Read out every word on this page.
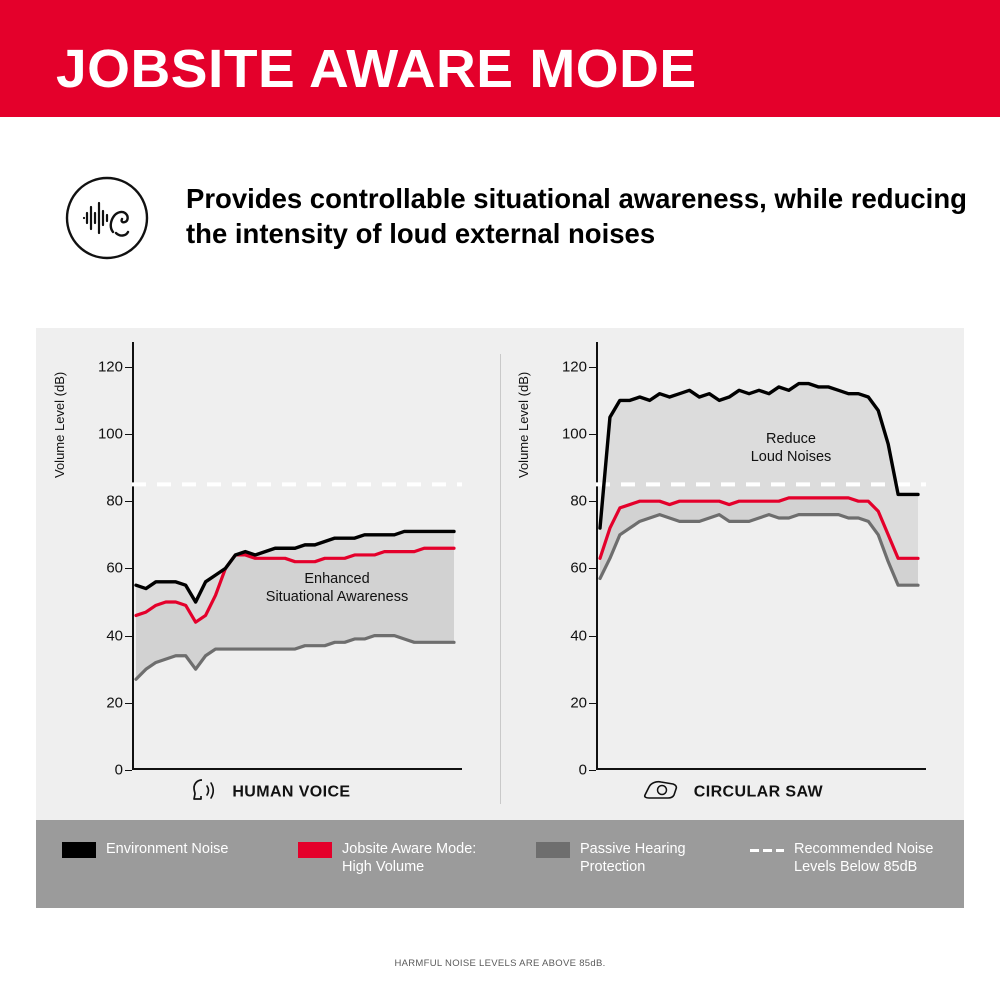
JOBSITE AWARE MODE
Provides controllable situational awareness, while reducing the intensity of loud external noises
Volume Level (dB)
0
20
40
60
80
100
120
Enhanced
Situational Awareness
HUMAN VOICE
Volume Level (dB)
0
20
40
60
80
100
120
Reduce
Loud Noises
CIRCULAR SAW
Environment Noise	Jobsite Aware Mode:
High Volume
Passive Hearing
Protection
Recommended Noise
Levels Below 85dB
HARMFUL NOISE LEVELS ARE ABOVE 85dB.
